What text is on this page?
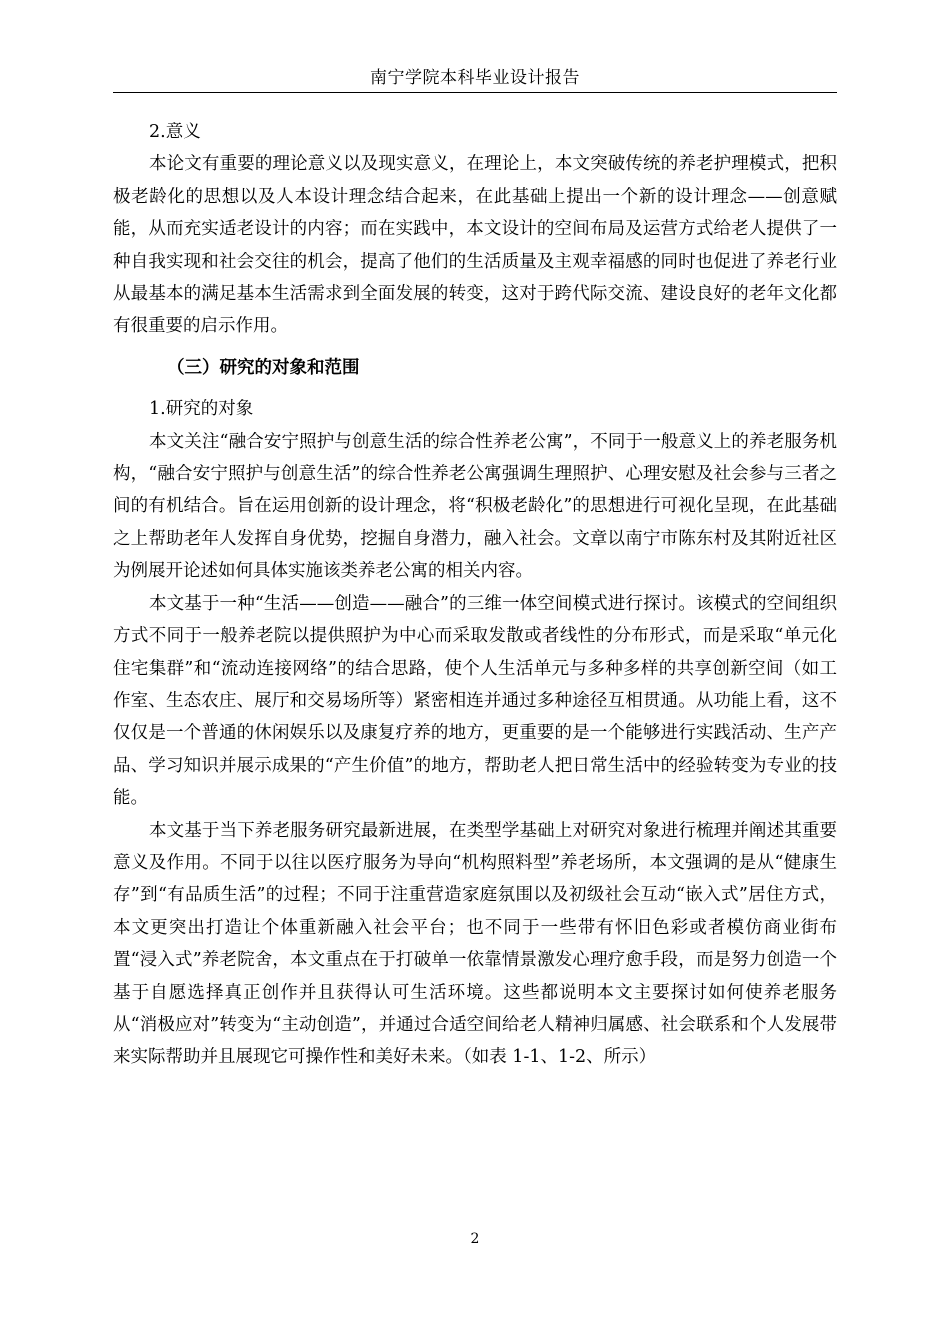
南宁学院本科毕业设计报告

2.意义

本论文有重要的理论意义以及现实意义，在理论上，本文突破传统的养老护理模式，把积极老龄化的思想以及人本设计理念结合起来，在此基础上提出一个新的设计理念——创意赋能，从而充实适老设计的内容；而在实践中，本文设计的空间布局及运营方式给老人提供了一种自我实现和社会交往的机会，提高了他们的生活质量及主观幸福感的同时也促进了养老行业从最基本的满足基本生活需求到全面发展的转变，这对于跨代际交流、建设良好的老年文化都有很重要的启示作用。

（三）研究的对象和范围

1.研究的对象

本文关注“融合安宁照护与创意生活的综合性养老公寓”，不同于一般意义上的养老服务机构，“融合安宁照护与创意生活”的综合性养老公寓强调生理照护、心理安慰及社会参与三者之间的有机结合。旨在运用创新的设计理念，将“积极老龄化”的思想进行可视化呈现，在此基础之上帮助老年人发挥自身优势，挖掘自身潜力，融入社会。文章以南宁市陈东村及其附近社区为例展开论述如何具体实施该类养老公寓的相关内容。

本文基于一种“生活——创造——融合”的三维一体空间模式进行探讨。该模式的空间组织方式不同于一般养老院以提供照护为中心而采取发散或者线性的分布形式，而是采取“单元化住宅集群”和“流动连接网络”的结合思路，使个人生活单元与多种多样的共享创新空间（如工作室、生态农庄、展厅和交易场所等）紧密相连并通过多种途径互相贯通。从功能上看，这不仅仅是一个普通的休闲娱乐以及康复疗养的地方，更重要的是一个能够进行实践活动、生产产品、学习知识并展示成果的“产生价值”的地方，帮助老人把日常生活中的经验转变为专业的技能。

本文基于当下养老服务研究最新进展，在类型学基础上对研究对象进行梳理并阐述其重要意义及作用。不同于以往以医疗服务为导向“机构照料型”养老场所，本文强调的是从“健康生存”到“有品质生活”的过程；不同于注重营造家庭氛围以及初级社会互动“嵌入式”居住方式，本文更突出打造让个体重新融入社会平台；也不同于一些带有怀旧色彩或者模仿商业街布置“浸入式”养老院舍，本文重点在于打破单一依靠情景激发心理疗愈手段，而是努力创造一个基于自愿选择真正创作并且获得认可生活环境。这些都说明本文主要探讨如何使养老服务从“消极应对”转变为“主动创造”，并通过合适空间给老人精神归属感、社会联系和个人发展带来实际帮助并且展现它可操作性和美好未来。（如表 1-1、1-2、所示）

2
